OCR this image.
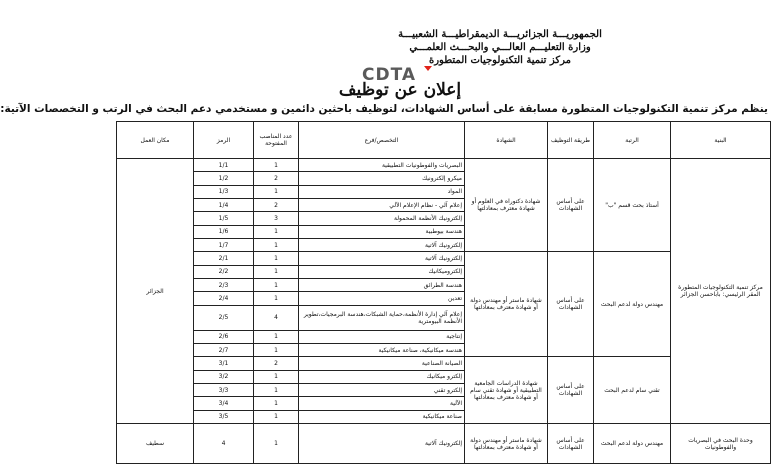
الجمهوريـــة الجزائريـــة الديمقراطيـــة الشعبيـــة
وزارة التعليـــم العالـــي والبحـــث العلمـــي
مركز تنمية التكنولوجيات المتطورة
CDTA
إعلان عن توظيف
ينظم مركز تنمية التكنولوجيات المتطورة مسابقة على أساس الشهادات، لتوظيف باحثين دائمين و مستخدمي دعم البحث في الرتب و التخصصات الآتية:
البنية	الرتبة	طريقة التوظيف	الشهادة	التخصص/فرع	عدد المناصب المفتوحة	الرمز	مكان العمل
مركز تنمية التكنولوجيات المتطورة المقر الرئيسي: باباحسن الجزائر	أستاذ بحث قسم "ب"	على أساس الشهادات	شهادة دكتوراه في العلوم أو شهادة معترف بمعادلتها	البصريات والفوطونيات التطبيقية	1	1/1	الجزائر
				ميكرو إلكترونيك	2	1/2	
				المواد	1	1/3	
				إعلام آلي - نظام الإعلام الآلي	2	1/4	
				إلكترونيك الأنظمة المحمولة	3	1/5	
				هندسة بيوطبية	1	1/6	
				إلكترونيك آلاتية	1	1/7	
	مهندس دولة لدعم البحث	على أساس الشهادات	شهادة ماستر أو مهندس دولة أو شهادة معترف بمعادلتها	إلكترونيك آلاتية	1	2/1	
				إلكتروميكانيك	1	2/2	
				هندسة الطرائق	1	2/3	
				تعدين	1	2/4	
				إعلام آلي إدارة الأنظمة،حماية الشبكات،هندسة البرمجيات،تطوير الأنظمة البيومترية	4	2/5	
				إنتاجية	1	2/6	
				هندسة ميكانيكية، صناعة ميكانيكية	1	2/7	
	تقني سام لدعم البحث	على أساس الشهادات	شهادة الدراسات الجامعية التطبيقية أو شهادة تقني سام أو شهادة معترف بمعادلتها	الصيانة الصناعية	2	3/1	
				إلكترو ميكانيك	1	3/2	
				إلكترو تقني	1	3/3	
				الآلية	1	3/4	
				صناعة ميكانيكية	1	3/5	
وحدة البحث في البصريات والفوطونيات	مهندس دولة لدعم البحث	على أساس الشهادات	شهادة ماستر أو مهندس دولة أو شهادة معترف بمعادلتها	إلكترونيك آلاتية	1	4	سطيف
